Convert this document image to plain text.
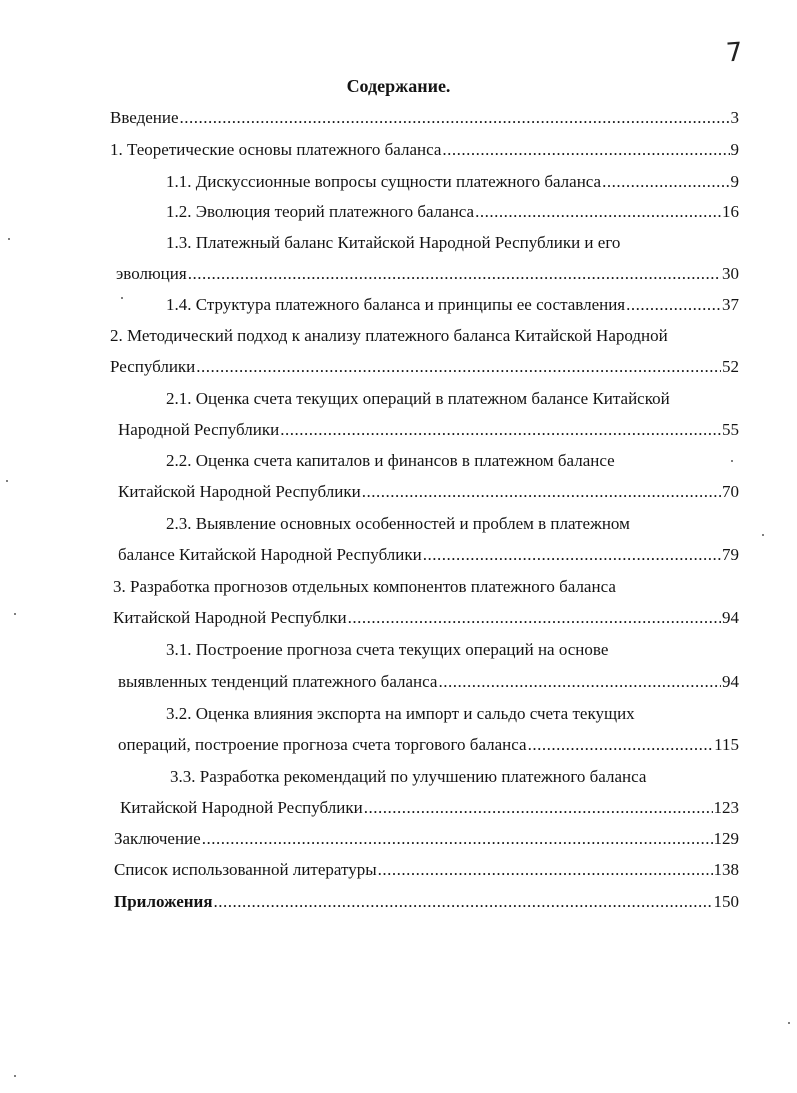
7
Содержание.
Введение .....	3
1. Теоретические основы платежного баланса .....	9
1.1. Дискуссионные вопросы сущности платежного баланса .....	9
1.2. Эволюция теорий платежного баланса .....	16
1.3. Платежный баланс Китайской Народной Республики и его
эволюция .....	30
1.4. Структура платежного баланса и принципы ее составления .....	37
2. Методический подход к анализу платежного баланса Китайской Народной
Республики .....	52
2.1. Оценка счета текущих операций в платежном балансе Китайской
Народной Республики .....	55
2.2. Оценка счета капиталов и финансов в платежном балансе
Китайской Народной Республики .....	70
2.3. Выявление основных особенностей и проблем в платежном
балансе Китайской Народной Республики .....	79
3. Разработка прогнозов отдельных компонентов платежного баланса
Китайской Народной Республки .....	94
3.1. Построение прогноза счета текущих операций на основе
выявленных тенденций платежного баланса .....	94
3.2. Оценка влияния экспорта на импорт и сальдо счета текущих
операций, построение прогноза счета торгового баланса .....	115
3.3. Разработка рекомендаций по улучшению платежного баланса
Китайской Народной Республики .....	123
Заключение .....	129
Список использованной литературы .....	138
Приложения .....	150
